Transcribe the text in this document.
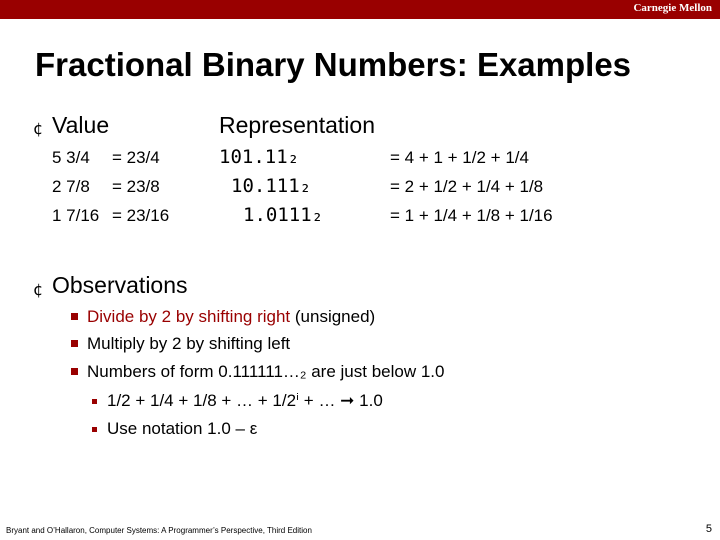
Carnegie Mellon
Fractional Binary Numbers: Examples
¢ Value	Representation
5 3/4 = 23/4	101.11₂	= 4 + 1 + 1/2 + 1/4
2 7/8 = 23/8	10.111₂	= 2 + 1/2 + 1/4 + 1/8
1 7/16 = 23/16	1.0111₂	= 1 + 1/4 + 1/8 + 1/16
¢ Observations
Divide by 2 by shifting right (unsigned)
Multiply by 2 by shifting left
Numbers of form 0.111111…₂ are just below 1.0
1/2 + 1/4 + 1/8 + … + 1/2ⁱ + … ➞ 1.0
Use notation 1.0 – ε
Bryant and O’Hallaron, Computer Systems: A Programmer’s Perspective, Third Edition	5
